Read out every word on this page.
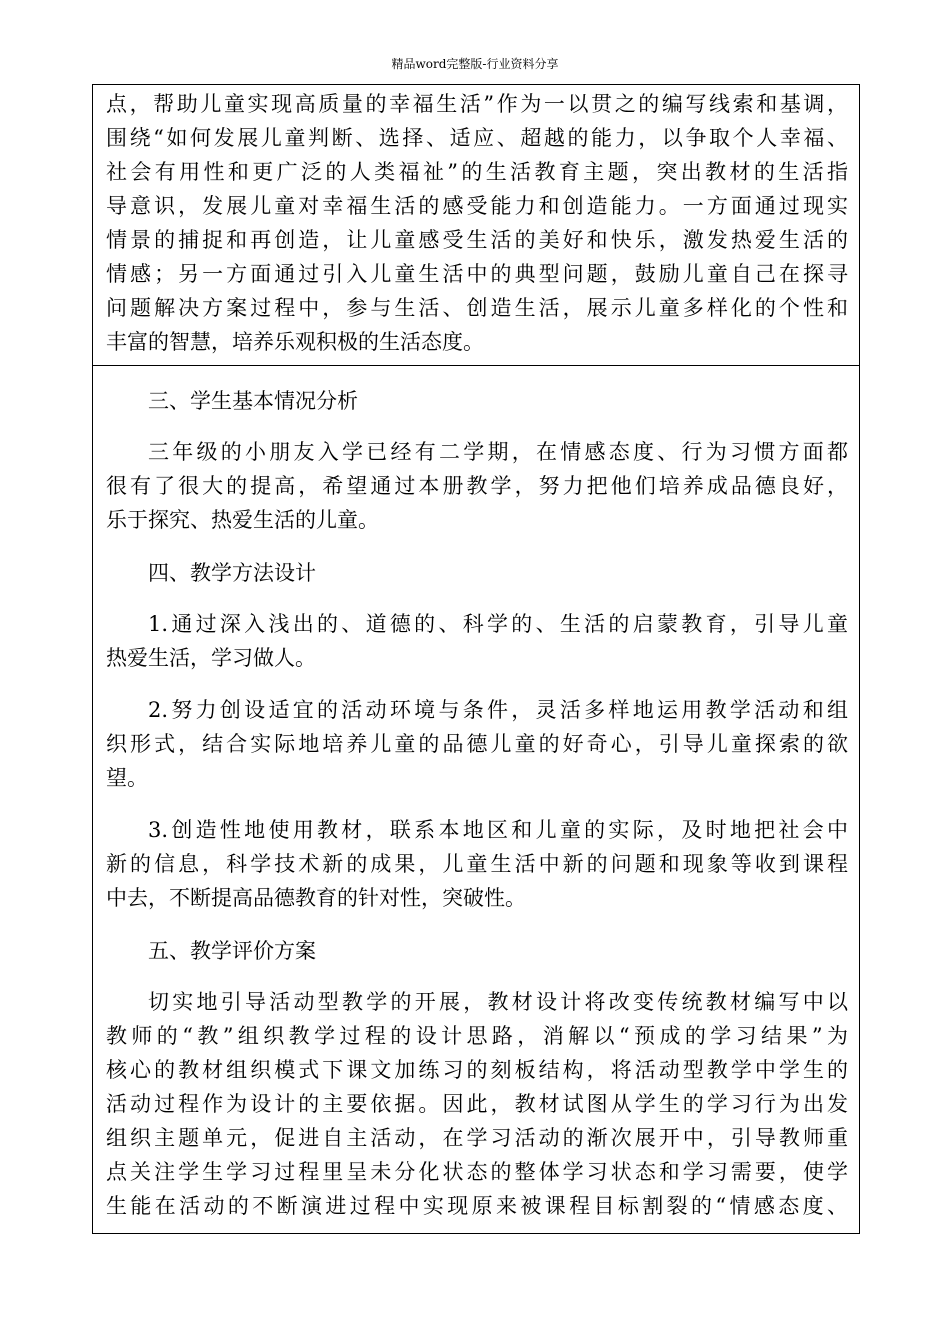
精品word完整版-行业资料分享
点，帮助儿童实现高质量的幸福生活”作为一以贯之的编写线索和基调，
围绕“如何发展儿童判断、选择、适应、超越的能力，以争取个人幸福、
社会有用性和更广泛的人类福祉”的生活教育主题，突出教材的生活指
导意识，发展儿童对幸福生活的感受能力和创造能力。一方面通过现实
情景的捕捉和再创造，让儿童感受生活的美好和快乐，激发热爱生活的
情感；另一方面通过引入儿童生活中的典型问题，鼓励儿童自己在探寻
问题解决方案过程中，参与生活、创造生活，展示儿童多样化的个性和
丰富的智慧，培养乐观积极的生活态度。
三、学生基本情况分析
三年级的小朋友入学已经有二学期，在情感态度、行为习惯方面都
很有了很大的提高，希望通过本册教学，努力把他们培养成品德良好，
乐于探究、热爱生活的儿童。
四、教学方法设计
1.通过深入浅出的、道德的、科学的、生活的启蒙教育，引导儿童
热爱生活，学习做人。
2.努力创设适宜的活动环境与条件，灵活多样地运用教学活动和组
织形式，结合实际地培养儿童的品德儿童的好奇心，引导儿童探索的欲
望。
3.创造性地使用教材，联系本地区和儿童的实际，及时地把社会中
新的信息，科学技术新的成果，儿童生活中新的问题和现象等收到课程
中去，不断提高品德教育的针对性，突破性。
五、教学评价方案
切实地引导活动型教学的开展，教材设计将改变传统教材编写中以
教师的“教”组织教学过程的设计思路，消解以“预成的学习结果”为
核心的教材组织模式下课文加练习的刻板结构，将活动型教学中学生的
活动过程作为设计的主要依据。因此，教材试图从学生的学习行为出发
组织主题单元，促进自主活动，在学习活动的渐次展开中，引导教师重
点关注学生学习过程里呈未分化状态的整体学习状态和学习需要，使学
生能在活动的不断演进过程中实现原来被课程目标割裂的“情感态度、
